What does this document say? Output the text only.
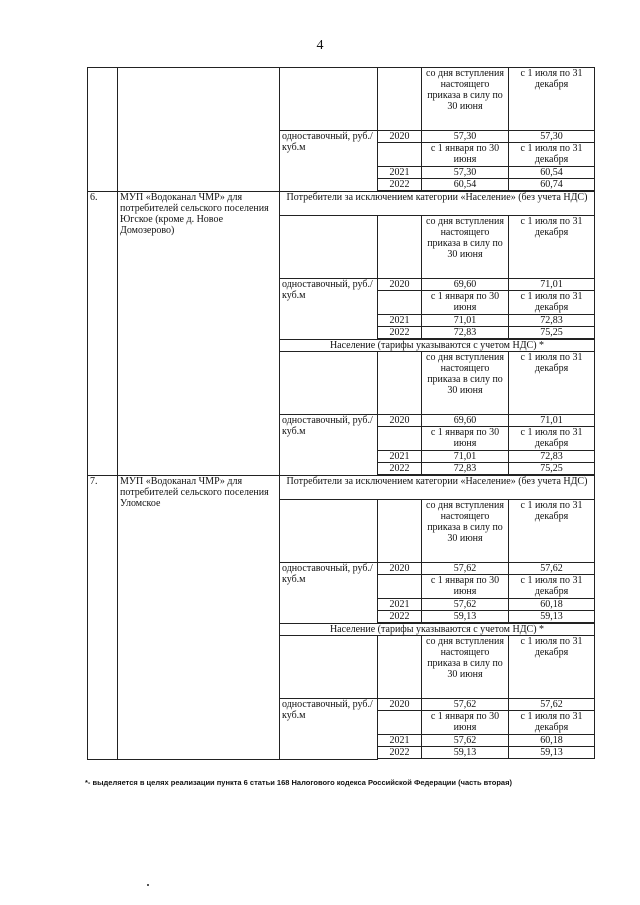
4
				со дня вступления настоящего приказа в силу по 30 июня	с 1 июля по 31 декабря
		одноставочный, руб./куб.м	2020	57,30	57,30
				с 1 января по 30 июня	с 1 июля по 31 декабря
			2021	57,30	60,54
			2022	60,54	60,74

6.	МУП «Водоканал ЧМР» для потребителей сельского поселения Югское (кроме д. Новое Домозерово)	Потребители за исключением категории «Население» (без учета НДС)			
				со дня вступления настоящего приказа в силу по 30 июня	с 1 июля по 31 декабря
		одноставочный, руб./куб.м	2020	69,60	71,01
				с 1 января по 30 июня	с 1 июля по 31 декабря
			2021	71,01	72,83
			2022	72,83	75,25

		Население (тарифы указываются с учетом НДС) *			
				со дня вступления настоящего приказа в силу по 30 июня	с 1 июля по 31 декабря
		одноставочный, руб./куб.м	2020	69,60	71,01
				с 1 января по 30 июня	с 1 июля по 31 декабря
			2021	71,01	72,83
			2022	72,83	75,25

7.	МУП «Водоканал ЧМР» для потребителей сельского поселения Уломское	Потребители за исключением категории «Население» (без учета НДС)			
				со дня вступления настоящего приказа в силу по 30 июня	с 1 июля по 31 декабря
		одноставочный, руб./куб.м	2020	57,62	57,62
				с 1 января по 30 июня	с 1 июля по 31 декабря
			2021	57,62	60,18
			2022	59,13	59,13

		Население (тарифы указываются с учетом НДС) *			
				со дня вступления настоящего приказа в силу по 30 июня	с 1 июля по 31 декабря
		одноставочный, руб./куб.м	2020	57,62	57,62
				с 1 января по 30 июня	с 1 июля по 31 декабря
			2021	57,62	60,18
			2022	59,13	59,13

*- выделяется в целях реализации пункта 6 статьи 168 Налогового кодекса Российской Федерации (часть вторая)
